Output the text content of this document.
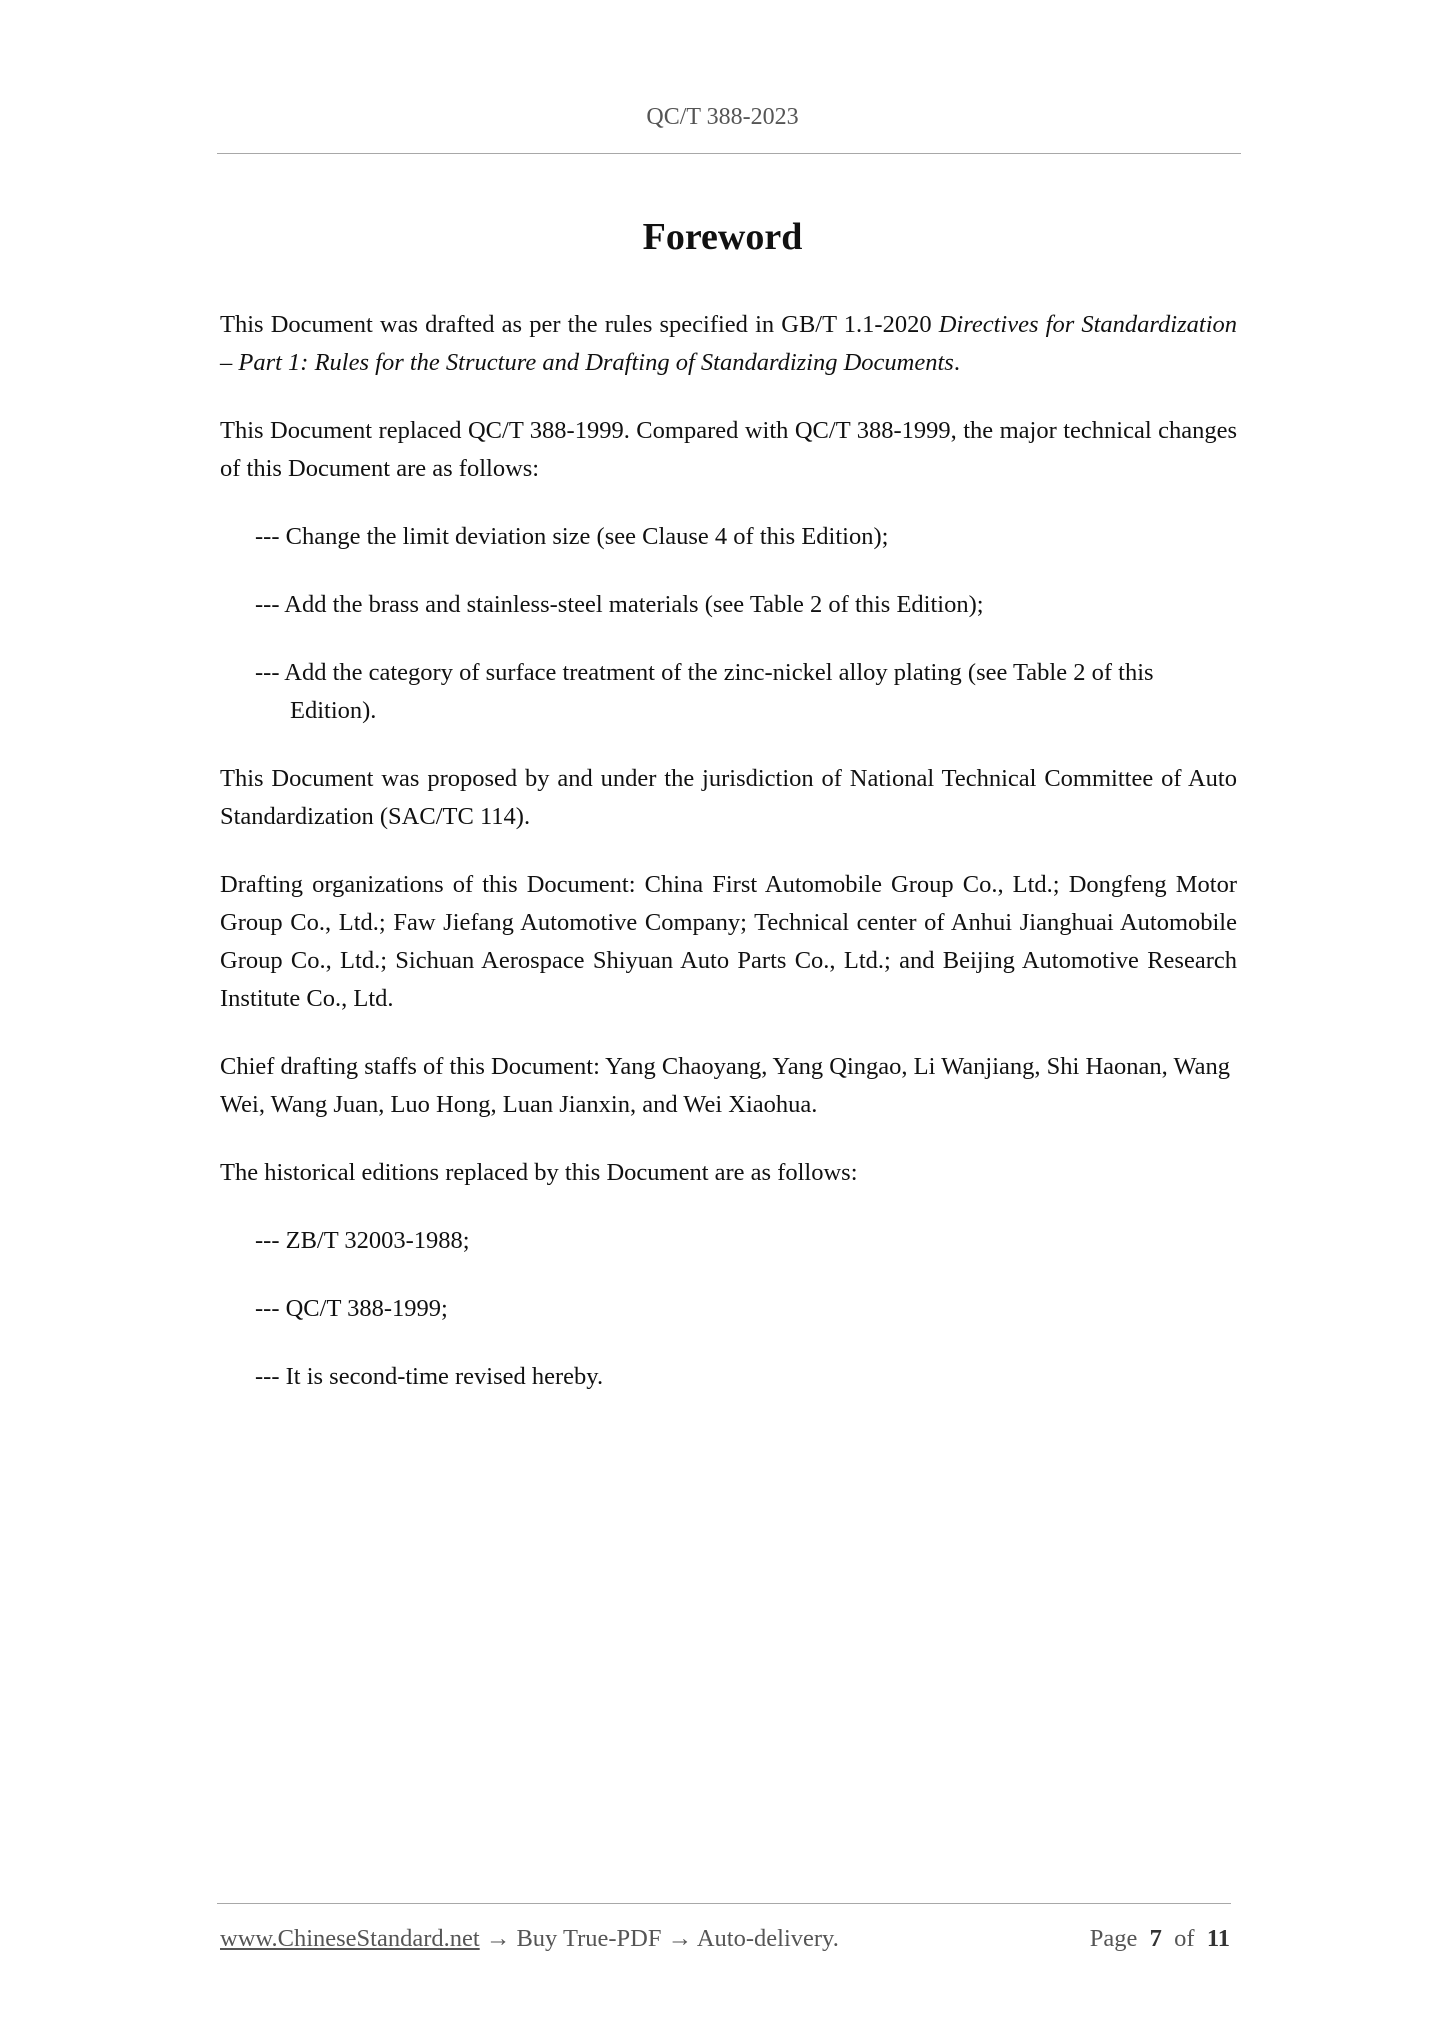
QC/T 388-2023

Foreword

This Document was drafted as per the rules specified in GB/T 1.1-2020 Directives for Standardization – Part 1: Rules for the Structure and Drafting of Standardizing Documents.

This Document replaced QC/T 388-1999. Compared with QC/T 388-1999, the major technical changes of this Document are as follows:

--- Change the limit deviation size (see Clause 4 of this Edition);

--- Add the brass and stainless-steel materials (see Table 2 of this Edition);

--- Add the category of surface treatment of the zinc-nickel alloy plating (see Table 2 of this Edition).

This Document was proposed by and under the jurisdiction of National Technical Committee of Auto Standardization (SAC/TC 114).

Drafting organizations of this Document: China First Automobile Group Co., Ltd.; Dongfeng Motor Group Co., Ltd.; Faw Jiefang Automotive Company; Technical center of Anhui Jianghuai Automobile Group Co., Ltd.; Sichuan Aerospace Shiyuan Auto Parts Co., Ltd.; and Beijing Automotive Research Institute Co., Ltd.

Chief drafting staffs of this Document: Yang Chaoyang, Yang Qingao, Li Wanjiang, Shi Haonan, Wang Wei, Wang Juan, Luo Hong, Luan Jianxin, and Wei Xiaohua.

The historical editions replaced by this Document are as follows:

--- ZB/T 32003-1988;

--- QC/T 388-1999;

--- It is second-time revised hereby.

www.ChineseStandard.net → Buy True-PDF → Auto-delivery.	Page 7 of 11
